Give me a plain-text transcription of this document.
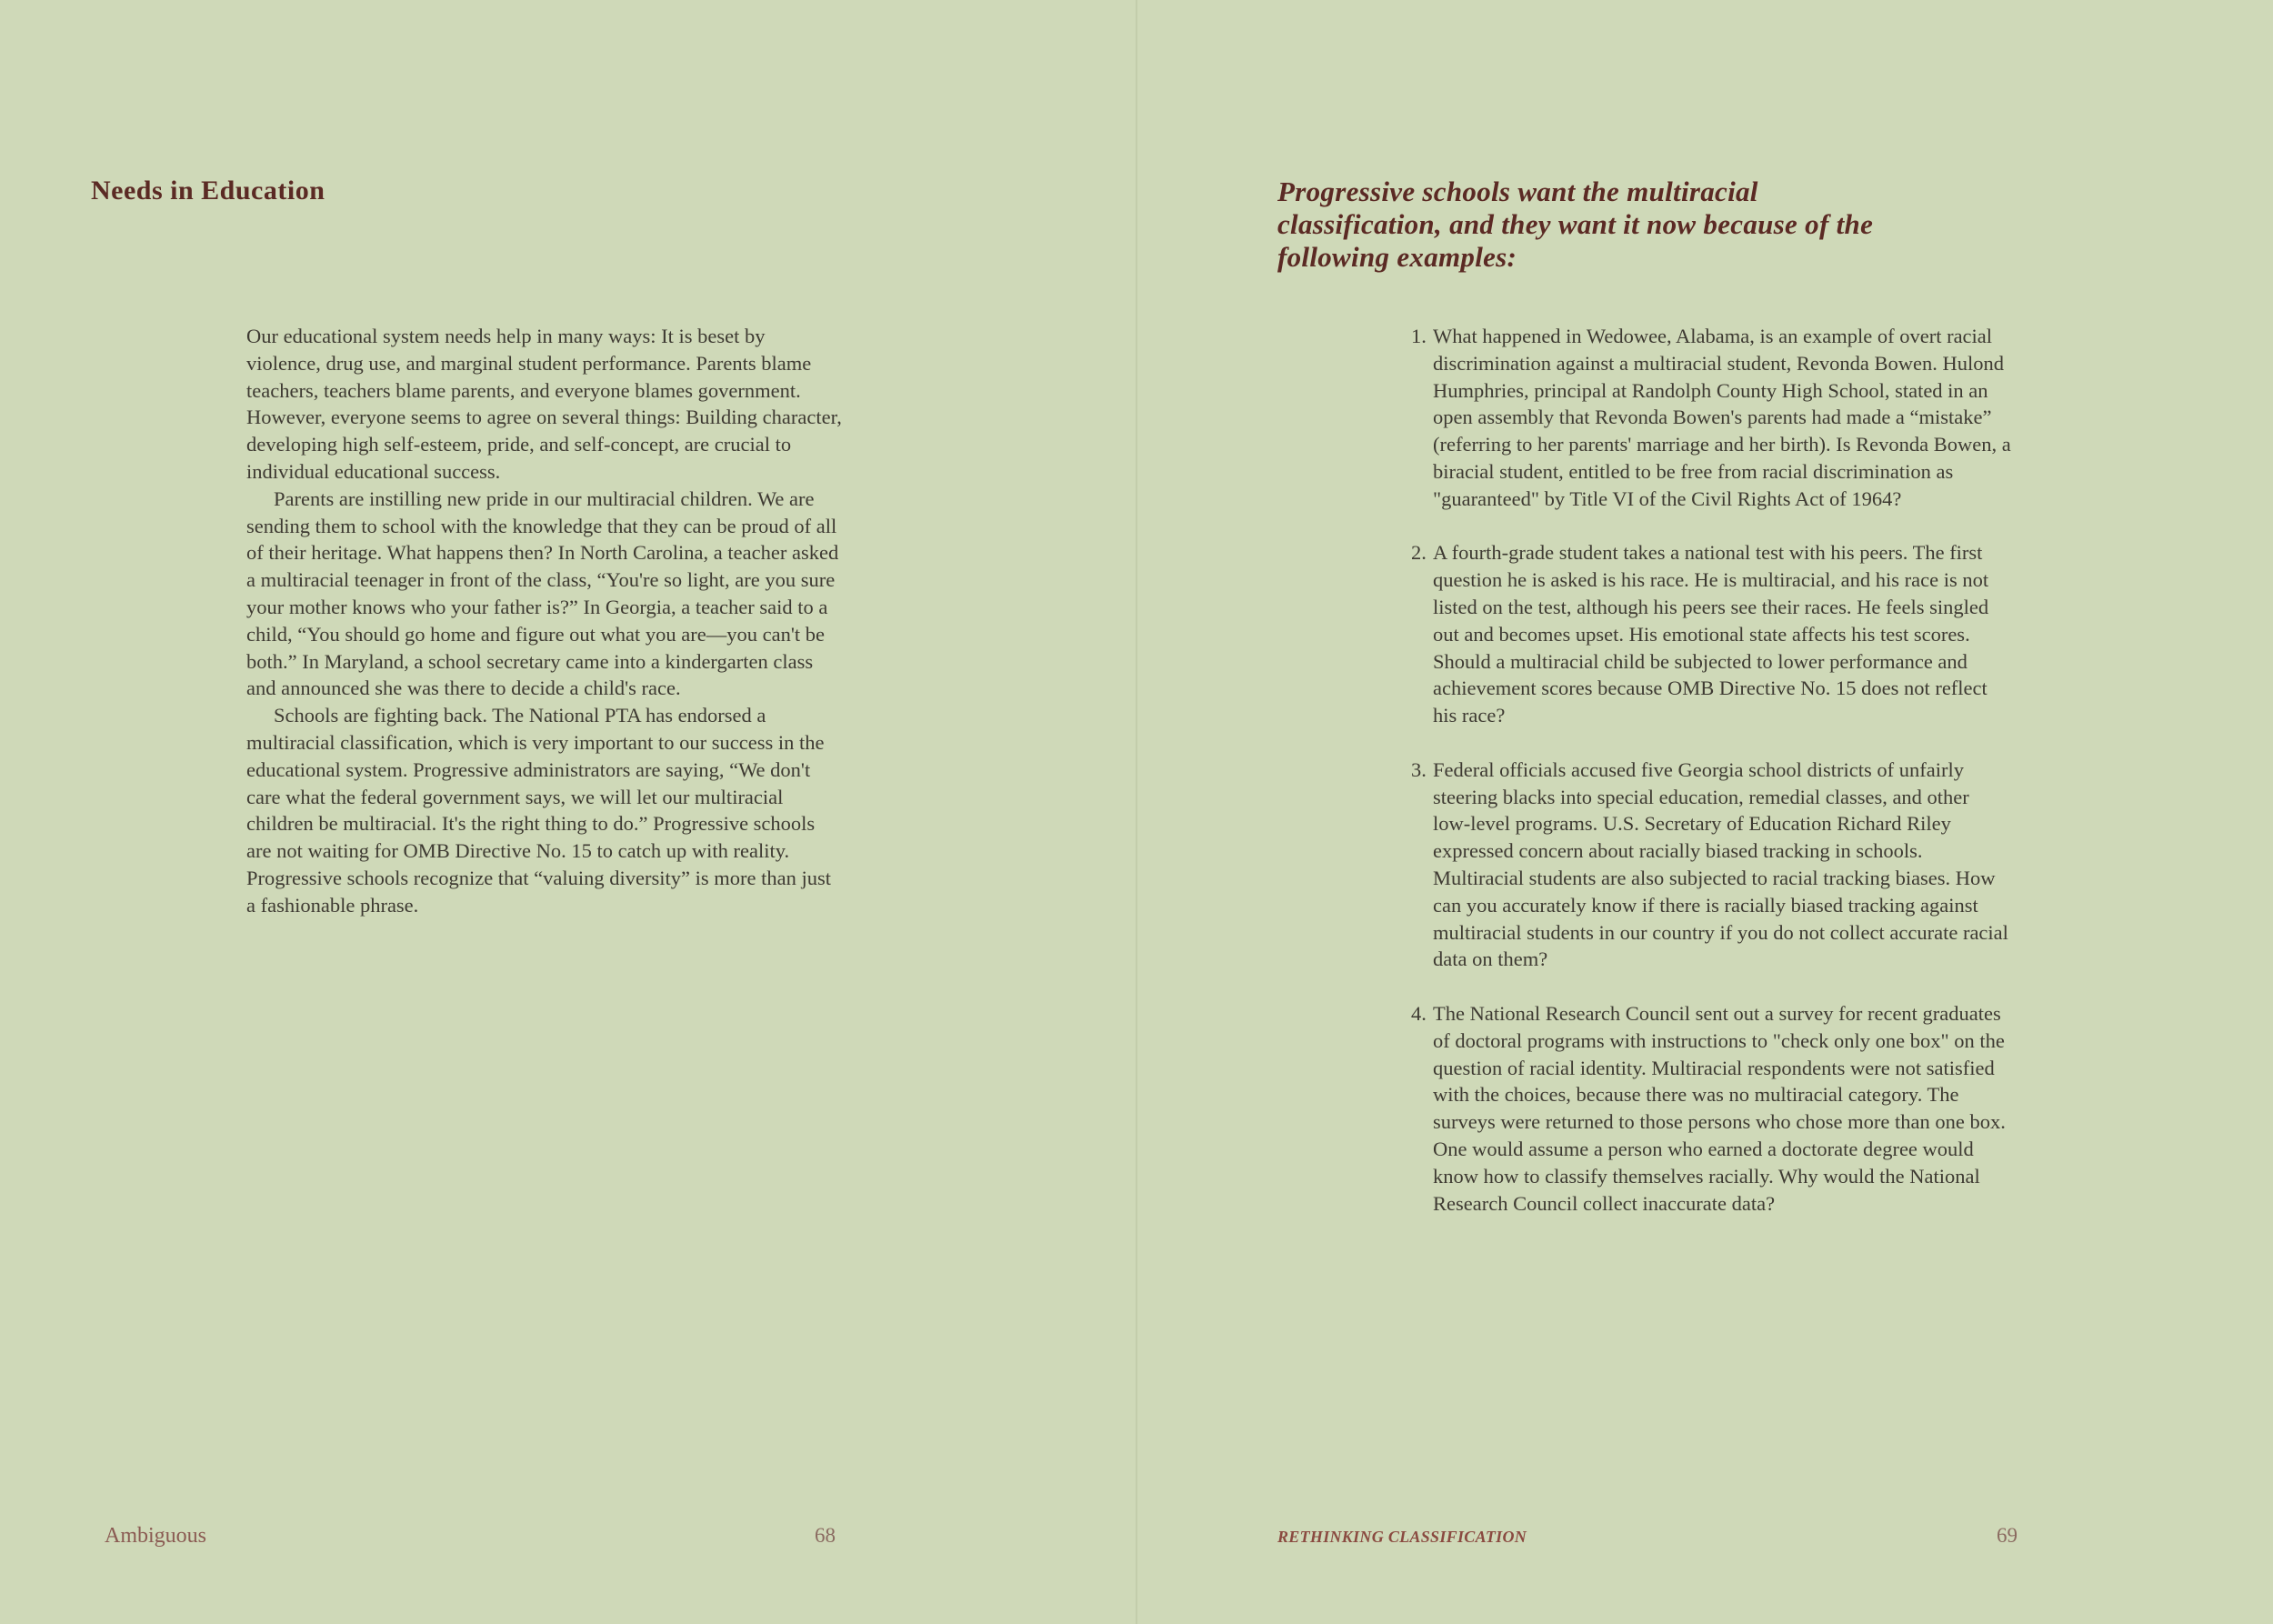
Needs in Education

Our educational system needs help in many ways: It is beset by violence, drug use, and marginal student performance. Parents blame teachers, teachers blame parents, and everyone blames government. However, everyone seems to agree on several things: Building character, developing high self-esteem, pride, and self-concept, are crucial to individual educational success.

Parents are instilling new pride in our multiracial children. We are sending them to school with the knowledge that they can be proud of all of their heritage. What happens then? In North Carolina, a teacher asked a multiracial teenager in front of the class, “You're so light, are you sure your mother knows who your father is?” In Georgia, a teacher said to a child, “You should go home and figure out what you are—you can't be both.” In Maryland, a school secretary came into a kindergarten class and announced she was there to decide a child's race.

Schools are fighting back. The National PTA has endorsed a multiracial classification, which is very important to our success in the educational system. Progressive administrators are saying, “We don't care what the federal government says, we will let our multiracial children be multiracial. It's the right thing to do.” Progressive schools are not waiting for OMB Directive No. 15 to catch up with reality. Progressive schools recognize that “valuing diversity” is more than just a fashionable phrase.

Ambiguous	68
Progressive schools want the multiracial classification, and they want it now because of the following examples:
1. What happened in Wedowee, Alabama, is an example of overt racial discrimination against a multiracial student, Revonda Bowen. Hulond Humphries, principal at Randolph County High School, stated in an open assembly that Revonda Bowen's parents had made a “mistake” (referring to her parents' marriage and her birth). Is Revonda Bowen, a biracial student, entitled to be free from racial discrimination as "guaranteed" by Title VI of the Civil Rights Act of 1964?
2. A fourth-grade student takes a national test with his peers. The first question he is asked is his race. He is multiracial, and his race is not listed on the test, although his peers see their races. He feels singled out and becomes upset. His emotional state affects his test scores. Should a multiracial child be subjected to lower performance and achievement scores because OMB Directive No. 15 does not reflect his race?
3. Federal officials accused five Georgia school districts of unfairly steering blacks into special education, remedial classes, and other low-level programs. U.S. Secretary of Education Richard Riley expressed concern about racially biased tracking in schools. Multiracial students are also subjected to racial tracking biases. How can you accurately know if there is racially biased tracking against multiracial students in our country if you do not collect accurate racial data on them?
4. The National Research Council sent out a survey for recent graduates of doctoral programs with instructions to "check only one box" on the question of racial identity. Multiracial respondents were not satisfied with the choices, because there was no multiracial category. The surveys were returned to those persons who chose more than one box. One would assume a person who earned a doctorate degree would know how to classify themselves racially. Why would the National Research Council collect inaccurate data?
RETHINKING CLASSIFICATION	69
